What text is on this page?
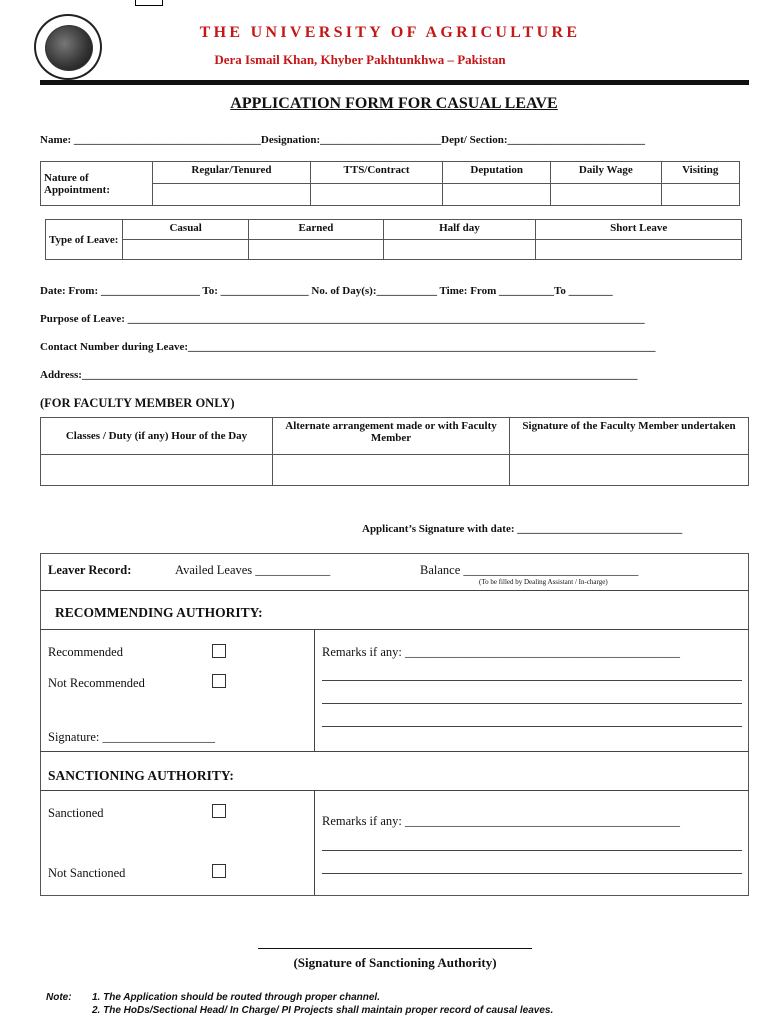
THE UNIVERSITY OF AGRICULTURE
Dera Ismail Khan, Khyber Pakhtunkhwa – Pakistan
APPLICATION FORM FOR CASUAL LEAVE
Name: __________________________________Designation:______________________Dept/ Section:_________________________
Nature of Appointment:	Regular/Tenured	TTS/Contract	Deputation	Daily Wage	Visiting

Type of Leave:	Casual	Earned	Half day	Short Leave

Date: From: __________________ To: ________________ No. of Day(s):___________ Time: From __________To ________
Purpose of Leave: ______________________________________________________________________________________________
Contact Number during Leave:_____________________________________________________________________________________
Address:_____________________________________________________________________________________________________
(FOR FACULTY MEMBER ONLY)
Classes / Duty (if any) Hour of the Day	Alternate arrangement made or with Faculty Member	Signature of the Faculty Member undertaken

Applicant’s Signature with date: ______________________________
Leaver Record:	Availed Leaves ____________	Balance ____________________________
(To be filled by Dealing Assistant / In-charge)
RECOMMENDING AUTHORITY:
Recommended
Not Recommended
Signature: __________________
Remarks if any: ____________________________________________
SANCTIONING AUTHORITY:
Sanctioned
Not Sanctioned
Remarks if any: ____________________________________________
(Signature of Sanctioning Authority)
Note: 1. The Application should be routed through proper channel.
2. The HoDs/Sectional Head/ In Charge/ PI Projects shall maintain proper record of causal leaves.
